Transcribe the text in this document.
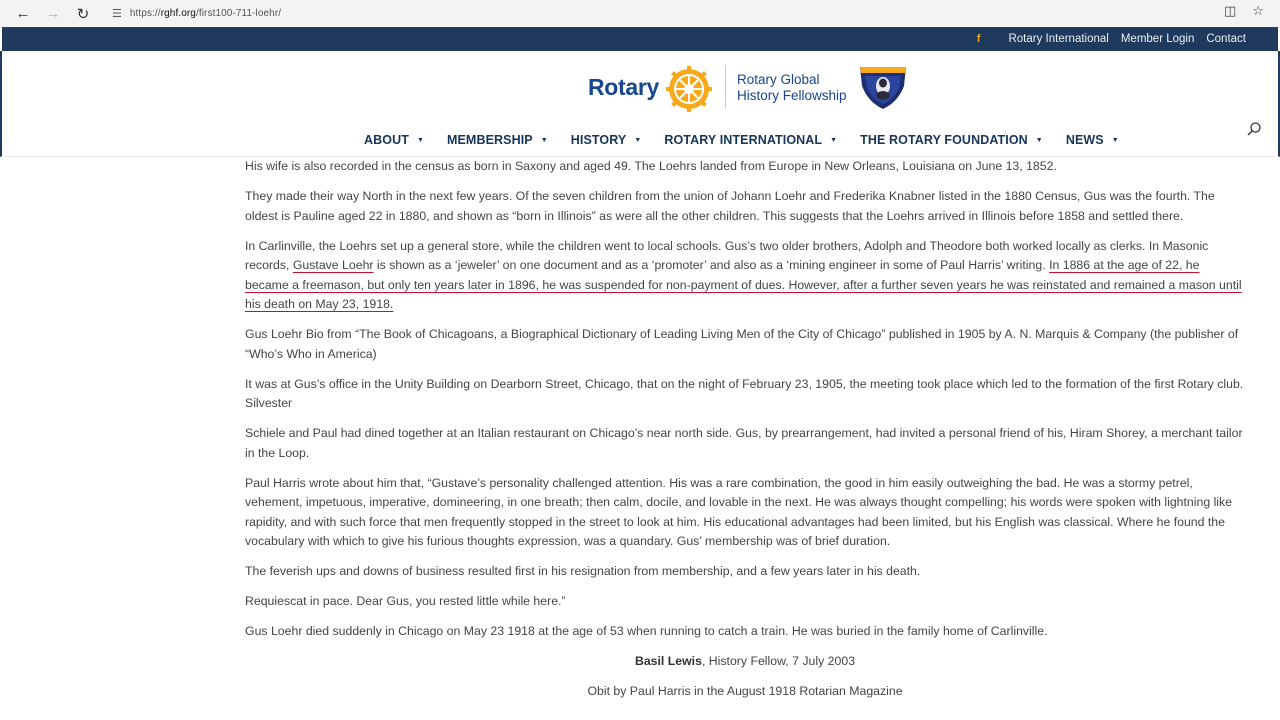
←	→	↻	☰ https://rghf.org/first100-711-loehr/	◫ ☆
f Rotary International Member Login Contact
Rotary	Rotary Global
History Fellowship
ABOUT ▼ MEMBERSHIP ▼ HISTORY ▼ ROTARY INTERNATIONAL ▼ THE ROTARY FOUNDATION ▼ NEWS ▼

His wife is also recorded in the census as born in Saxony and aged 49. The Loehrs landed from Europe in New Orleans, Louisiana on June 13, 1852.

They made their way North in the next few years. Of the seven children from the union of Johann Loehr and Frederika Knabner listed in the 1880 Census, Gus was the fourth. The oldest is Pauline aged 22 in 1880, and shown as “born in Illinois” as were all the other children. This suggests that the Loehrs arrived in Illinois before 1858 and settled there.

In Carlinville, the Loehrs set up a general store, while the children went to local schools. Gus’s two older brothers, Adolph and Theodore both worked locally as clerks. In Masonic records, Gustave Loehr is shown as a ‘jeweler’ on one document and as a ‘promoter’ and also as a ‘mining engineer in some of Paul Harris’ writing. In 1886 at the age of 22, he became a freemason, but only ten years later in 1896, he was suspended for non-payment of dues. However, after a further seven years he was reinstated and remained a mason until his death on May 23, 1918.

Gus Loehr Bio from “The Book of Chicagoans, a Biographical Dictionary of Leading Living Men of the City of Chicago” published in 1905 by A. N. Marquis & Company (the publisher of “Who’s Who in America)

It was at Gus’s office in the Unity Building on Dearborn Street, Chicago, that on the night of February 23, 1905, the meeting took place which led to the formation of the first Rotary club. Silvester

Schiele and Paul had dined together at an Italian restaurant on Chicago’s near north side. Gus, by prearrangement, had invited a personal friend of his, Hiram Shorey, a merchant tailor in the Loop.

Paul Harris wrote about him that, “Gustave’s personality challenged attention. His was a rare combination, the good in him easily outweighing the bad. He was a stormy petrel, vehement, impetuous, imperative, domineering, in one breath; then calm, docile, and lovable in the next. He was always thought compelling; his words were spoken with lightning like rapidity, and with such force that men frequently stopped in the street to look at him. His educational advantages had been limited, but his English was classical. Where he found the vocabulary with which to give his furious thoughts expression, was a quandary. Gus’ membership was of brief duration.

The feverish ups and downs of business resulted first in his resignation from membership, and a few years later in his death.

Requiescat in pace. Dear Gus, you rested little while here.”

Gus Loehr died suddenly in Chicago on May 23 1918 at the age of 53 when running to catch a train. He was buried in the family home of Carlinville.

Basil Lewis, History Fellow, 7 July 2003

Obit by Paul Harris in the August 1918 Rotarian Magazine
